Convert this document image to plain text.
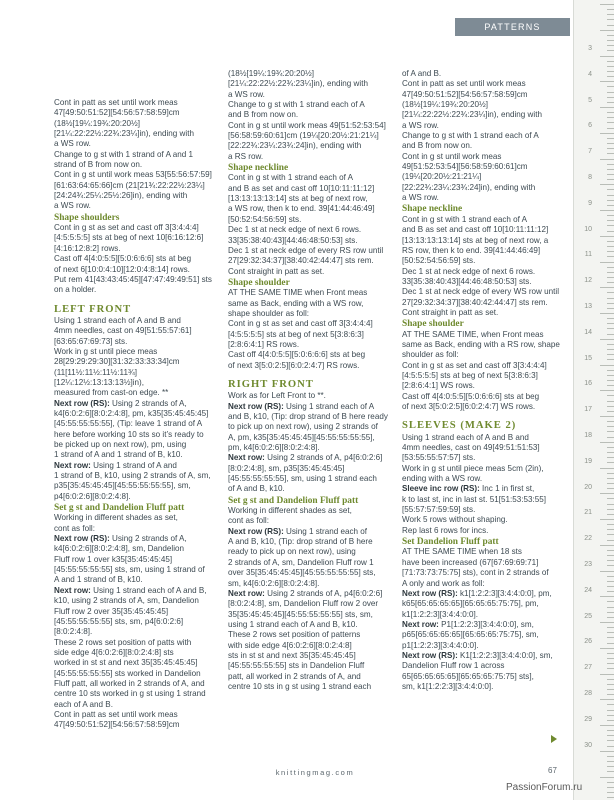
PATTERNS
3
4
5
6
7
8
9
10
11
12
13
14
15
16
17
18
19
20
21
22
23
24
25
26
27
28
29
30

Cont in patt as set until work meas
47[49:50:51:52][54:56:57:58:59]cm
(18½[19¼:19¾:20:20½]
[21¼:22:22½:22¾:23¼]in), ending with
a WS row.

Change to g st with 1 strand of A and 1
strand of B from now on.

Cont in g st until work meas 53[55:56:57:59]
[61:63:64:65:66]cm (21[21¾:22:22½:23¼]
[24:24¾:25¼:25½:26]in), ending with
a WS row.

Shape shoulders

Cont in g st as set and cast off 3[3:4:4:4]
[4:5:5:5:5] sts at beg of next 10[6:16:12:6]
[4:16:12:8:2] rows.

Cast off 4[4:0:5:5][5:0:6:6:6] sts at beg
of next 6[10:0:4:10][12:0:4:8:14] rows.

Put rem 41[43:43:45:45][47:47:49:49:51] sts
on a holder.

LEFT FRONT

Using 1 strand each of A and B and
4mm needles, cast on 49[51:55:57:61]
[63:65:67:69:73] sts.

Work in g st until piece meas
28[29:29:29:30][31:32:33:33:34]cm
(11[11½:11½:11½:11¾][12¼:12½:13:13:13½]in),
measured from cast-on edge. **

Next row (RS): Using 2 strands of A,
k4[6:0:2:6][8:0:2:4:8], pm, k35[35:45:45:45]
[45:55:55:55:55], (Tip: leave 1 strand of A
here before working 10 sts so it’s ready to
be picked up on next row), pm, using
1 strand of A and 1 strand of B, k10.

Next row: Using 1 strand of A and
1 strand of B, k10, using 2 strands of A, sm,
p35[35:45:45:45][45:55:55:55:55], sm,
p4[6:0:2:6][8:0:2:4:8].

Set g st and Dandelion Fluff patt

Working in different shades as set,
cont as foll:

Next row (RS): Using 2 strands of A,
k4[6:0:2:6][8:0:2:4:8], sm, Dandelion
Fluff row 1 over k35[35:45:45:45]
[45:55:55:55:55] sts, sm, using 1 strand of
A and 1 strand of B, k10.

Next row: Using 1 strand each of A and B,
k10, using 2 strands of A, sm, Dandelion
Fluff row 2 over 35[35:45:45:45]
[45:55:55:55:55] sts, sm, p4[6:0:2:6]
[8:0:2:4:8].

These 2 rows set position of patts with
side edge 4[6:0:2:6][8:0:2:4:8] sts
worked in st st and next 35[35:45:45:45]
[45:55:55:55:55] sts worked in Dandelion
Fluff patt, all worked in 2 strands of A, and
centre 10 sts worked in g st using 1 strand
each of A and B.

Cont in patt as set until work meas
47[49:50:51:52][54:56:57:58:59]cm

(18½[19¼:19¾:20:20½]
[21¼:22:22½:22¾:23¼]in), ending with
a WS row.

Change to g st with 1 strand each of A
and B from now on.

Cont in g st until work meas 49[51:52:53:54]
[56:58:59:60:61]cm (19¼[20:20½:21:21¼]
[22:22¾:23¼:23¾:24]in), ending with
a RS row.

Shape neckline

Cont in g st with 1 strand each of A
and B as set and cast off 10[10:11:11:12]
[13:13:13:13:14] sts at beg of next row,
a WS row, then k to end. 39[41:44:46:49]
[50:52:54:56:59] sts.

Dec 1 st at neck edge of next 6 rows.
33[35:38:40:43][44:46:48:50:53] sts.

Dec 1 st at neck edge of every RS row until
27[29:32:34:37][38:40:42:44:47] sts rem.

Cont straight in patt as set.

Shape shoulder

AT THE SAME TIME when Front meas
same as Back, ending with a WS row,
shape shoulder as foll:

Cont in g st as set and cast off 3[3:4:4:4]
[4:5:5:5:5] sts at beg of next 5[3:8:6:3]
[2:8:6:4:1] RS rows.

Cast off 4[4:0:5:5][5:0:6:6:6] sts at beg
of next 3[5:0:2:5][6:0:2:4:7] RS rows.

RIGHT FRONT

Work as for Left Front to **.

Next row (RS): Using 1 strand each of A
and B, k10, (Tip: drop strand of B here ready
to pick up on next row), using 2 strands of
A, pm, k35[35:45:45:45][45:55:55:55:55],
pm, k4[6:0:2:6][8:0:2:4:8].

Next row: Using 2 strands of A, p4[6:0:2:6]
[8:0:2:4:8], sm, p35[35:45:45:45]
[45:55:55:55:55], sm, using 1 strand each
of A and B, k10.

Set g st and Dandelion Fluff patt

Working in different shades as set,
cont as foll:

Next row (RS): Using 1 strand each of
A and B, k10, (Tip: drop strand of B here
ready to pick up on next row), using
2 strands of A, sm, Dandelion Fluff row 1
over 35[35:45:45:45][45:55:55:55:55] sts,
sm, k4[6:0:2:6][8:0:2:4:8].

Next row: Using 2 strands of A, p4[6:0:2:6]
[8:0:2:4:8], sm, Dandelion Fluff row 2 over
35[35:45:45:45][45:55:55:55:55] sts, sm,
using 1 strand each of A and B, k10.

These 2 rows set position of patterns
with side edge 4[6:0:2:6][8:0:2:4:8]
sts in st st and next 35[35:45:45:45]
[45:55:55:55:55] sts in Dandelion Fluff
patt, all worked in 2 strands of A, and
centre 10 sts in g st using 1 strand each

of A and B.

Cont in patt as set until work meas
47[49:50:51:52][54:56:57:58:59]cm
(18½[19¼:19¾:20:20½]
[21¼:22:22½:22¾:23¼]in), ending with
a WS row.

Change to g st with 1 strand each of A
and B from now on.

Cont in g st until work meas
49[51:52:53:54][56:58:59:60:61]cm
(19¼[20:20½:21:21¼]
[22:22¾:23¼:23¾:24]in), ending with
a WS row.

Shape neckline

Cont in g st with 1 strand each of A
and B as set and cast off 10[10:11:11:12]
[13:13:13:13:14] sts at beg of next row, a
RS row, then k to end. 39[41:44:46:49]
[50:52:54:56:59] sts.

Dec 1 st at neck edge of next 6 rows.
33[35:38:40:43][44:46:48:50:53] sts.

Dec 1 st at neck edge of every WS row until
27[29:32:34:37][38:40:42:44:47] sts rem.

Cont straight in patt as set.

Shape shoulder

AT THE SAME TIME, when Front meas
same as Back, ending with a RS row, shape
shoulder as foll:

Cont in g st as set and cast off 3[3:4:4:4]
[4:5:5:5:5] sts at beg of next 5[3:8:6:3]
[2:8:6:4:1] WS rows.

Cast off 4[4:0:5:5][5:0:6:6:6] sts at beg
of next 3[5:0:2:5][6:0:2:4:7] WS rows.

SLEEVES (MAKE 2)

Using 1 strand each of A and B and
4mm needles, cast on 49[49:51:51:53]
[53:55:55:57:57] sts.

Work in g st until piece meas 5cm (2in),
ending with a WS row.

Sleeve inc row (RS): Inc 1 in first st,
k to last st, inc in last st. 51[51:53:53:55]
[55:57:57:59:59] sts.

Work 5 rows without shaping.

Rep last 6 rows for incs.

Set Dandelion Fluff patt

AT THE SAME TIME when 18 sts
have been increased (67[67:69:69:71]
[71:73:73:75:75] sts), cont in 2 strands of
A only and work as foll:

Next row (RS): k1[1:2:2:3][3:4:4:0:0], pm,
k65[65:65:65:65][65:65:65:75:75], pm,
k1[1:2:2:3][3:4:4:0:0].

Next row: P1[1:2:2:3][3:4:4:0:0], sm,
p65[65:65:65:65][65:65:65:75:75], sm,
p1[1:2:2:3][3:4:4:0:0].

Next row (RS): K1[1:2:2:3][3:4:4:0:0], sm,
Dandelion Fluff row 1 across
65[65:65:65:65][65:65:65:75:75] sts],
sm, k1[1:2:2:3][3:4:4:0:0].

knittingmag.com	67
PassionForum.ru
